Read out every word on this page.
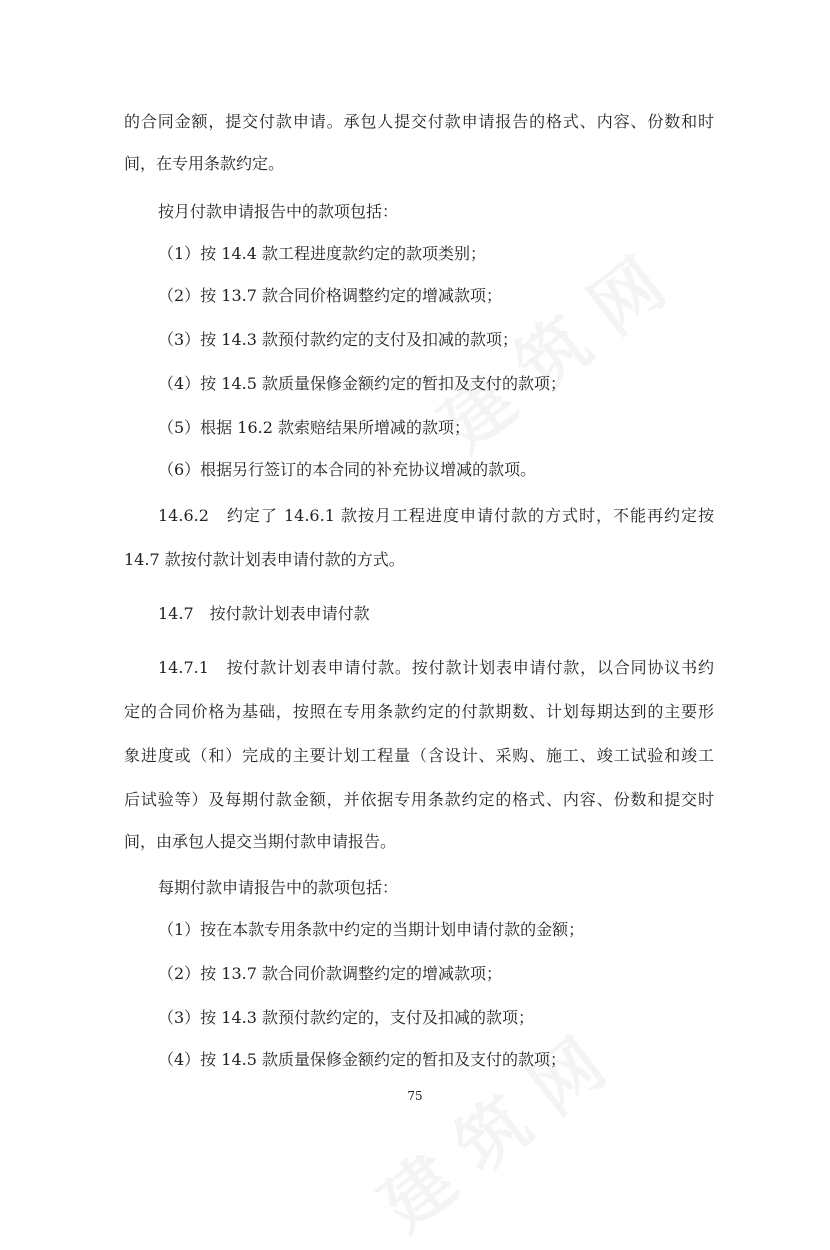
的合同金额，提交付款申请。承包人提交付款申请报告的格式、内容、份数和时
间，在专用条款约定。
按月付款申请报告中的款项包括：
（1）按 14.4 款工程进度款约定的款项类别；
（2）按 13.7 款合同价格调整约定的增减款项；
（3）按 14.3 款预付款约定的支付及扣减的款项；
（4）按 14.5 款质量保修金额约定的暂扣及支付的款项；
（5）根据 16.2 款索赔结果所增减的款项；
（6）根据另行签订的本合同的补充协议增减的款项。
14.6.2　约定了 14.6.1 款按月工程进度申请付款的方式时，不能再约定按
14.7 款按付款计划表申请付款的方式。
14.7　按付款计划表申请付款
14.7.1　按付款计划表申请付款。按付款计划表申请付款，以合同协议书约
定的合同价格为基础，按照在专用条款约定的付款期数、计划每期达到的主要形
象进度或（和）完成的主要计划工程量（含设计、采购、施工、竣工试验和竣工
后试验等）及每期付款金额，并依据专用条款约定的格式、内容、份数和提交时
间，由承包人提交当期付款申请报告。
每期付款申请报告中的款项包括：
（1）按在本款专用条款中约定的当期计划申请付款的金额；
（2）按 13.7 款合同价款调整约定的增减款项；
（3）按 14.3 款预付款约定的，支付及扣减的款项；
（4）按 14.5 款质量保修金额约定的暂扣及支付的款项；
75
